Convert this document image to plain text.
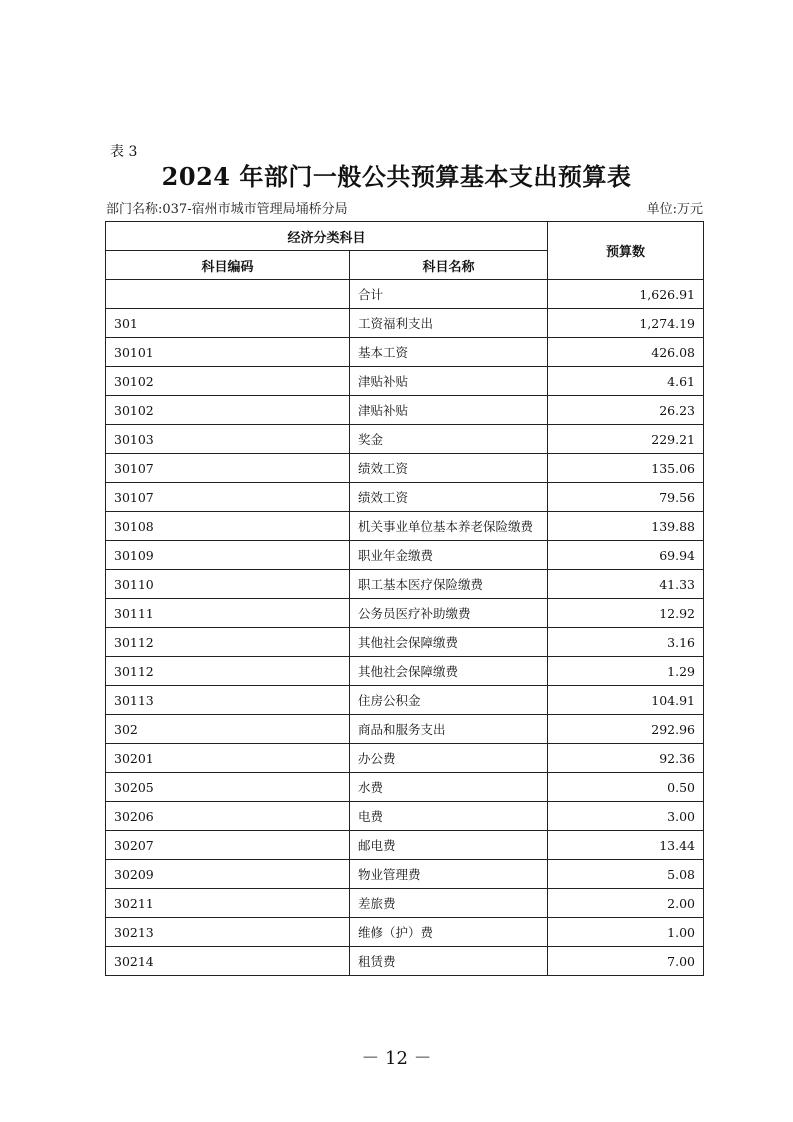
表 3
2024 年部门一般公共预算基本支出预算表
部门名称:037-宿州市城市管理局埇桥分局	单位:万元
经济分类科目		预算数
科目编码	科目名称	
	合计	1,626.91
301	工资福利支出	1,274.19
30101	基本工资	426.08
30102	津贴补贴	4.61
30102	津贴补贴	26.23
30103	奖金	229.21
30107	绩效工资	135.06
30107	绩效工资	79.56
30108	机关事业单位基本养老保险缴费	139.88
30109	职业年金缴费	69.94
30110	职工基本医疗保险缴费	41.33
30111	公务员医疗补助缴费	12.92
30112	其他社会保障缴费	3.16
30112	其他社会保障缴费	1.29
30113	住房公积金	104.91
302	商品和服务支出	292.96
30201	办公费	92.36
30205	水费	0.50
30206	电费	3.00
30207	邮电费	13.44
30209	物业管理费	5.08
30211	差旅费	2.00
30213	维修（护）费	1.00
30214	租赁费	7.00
－ 12 －
